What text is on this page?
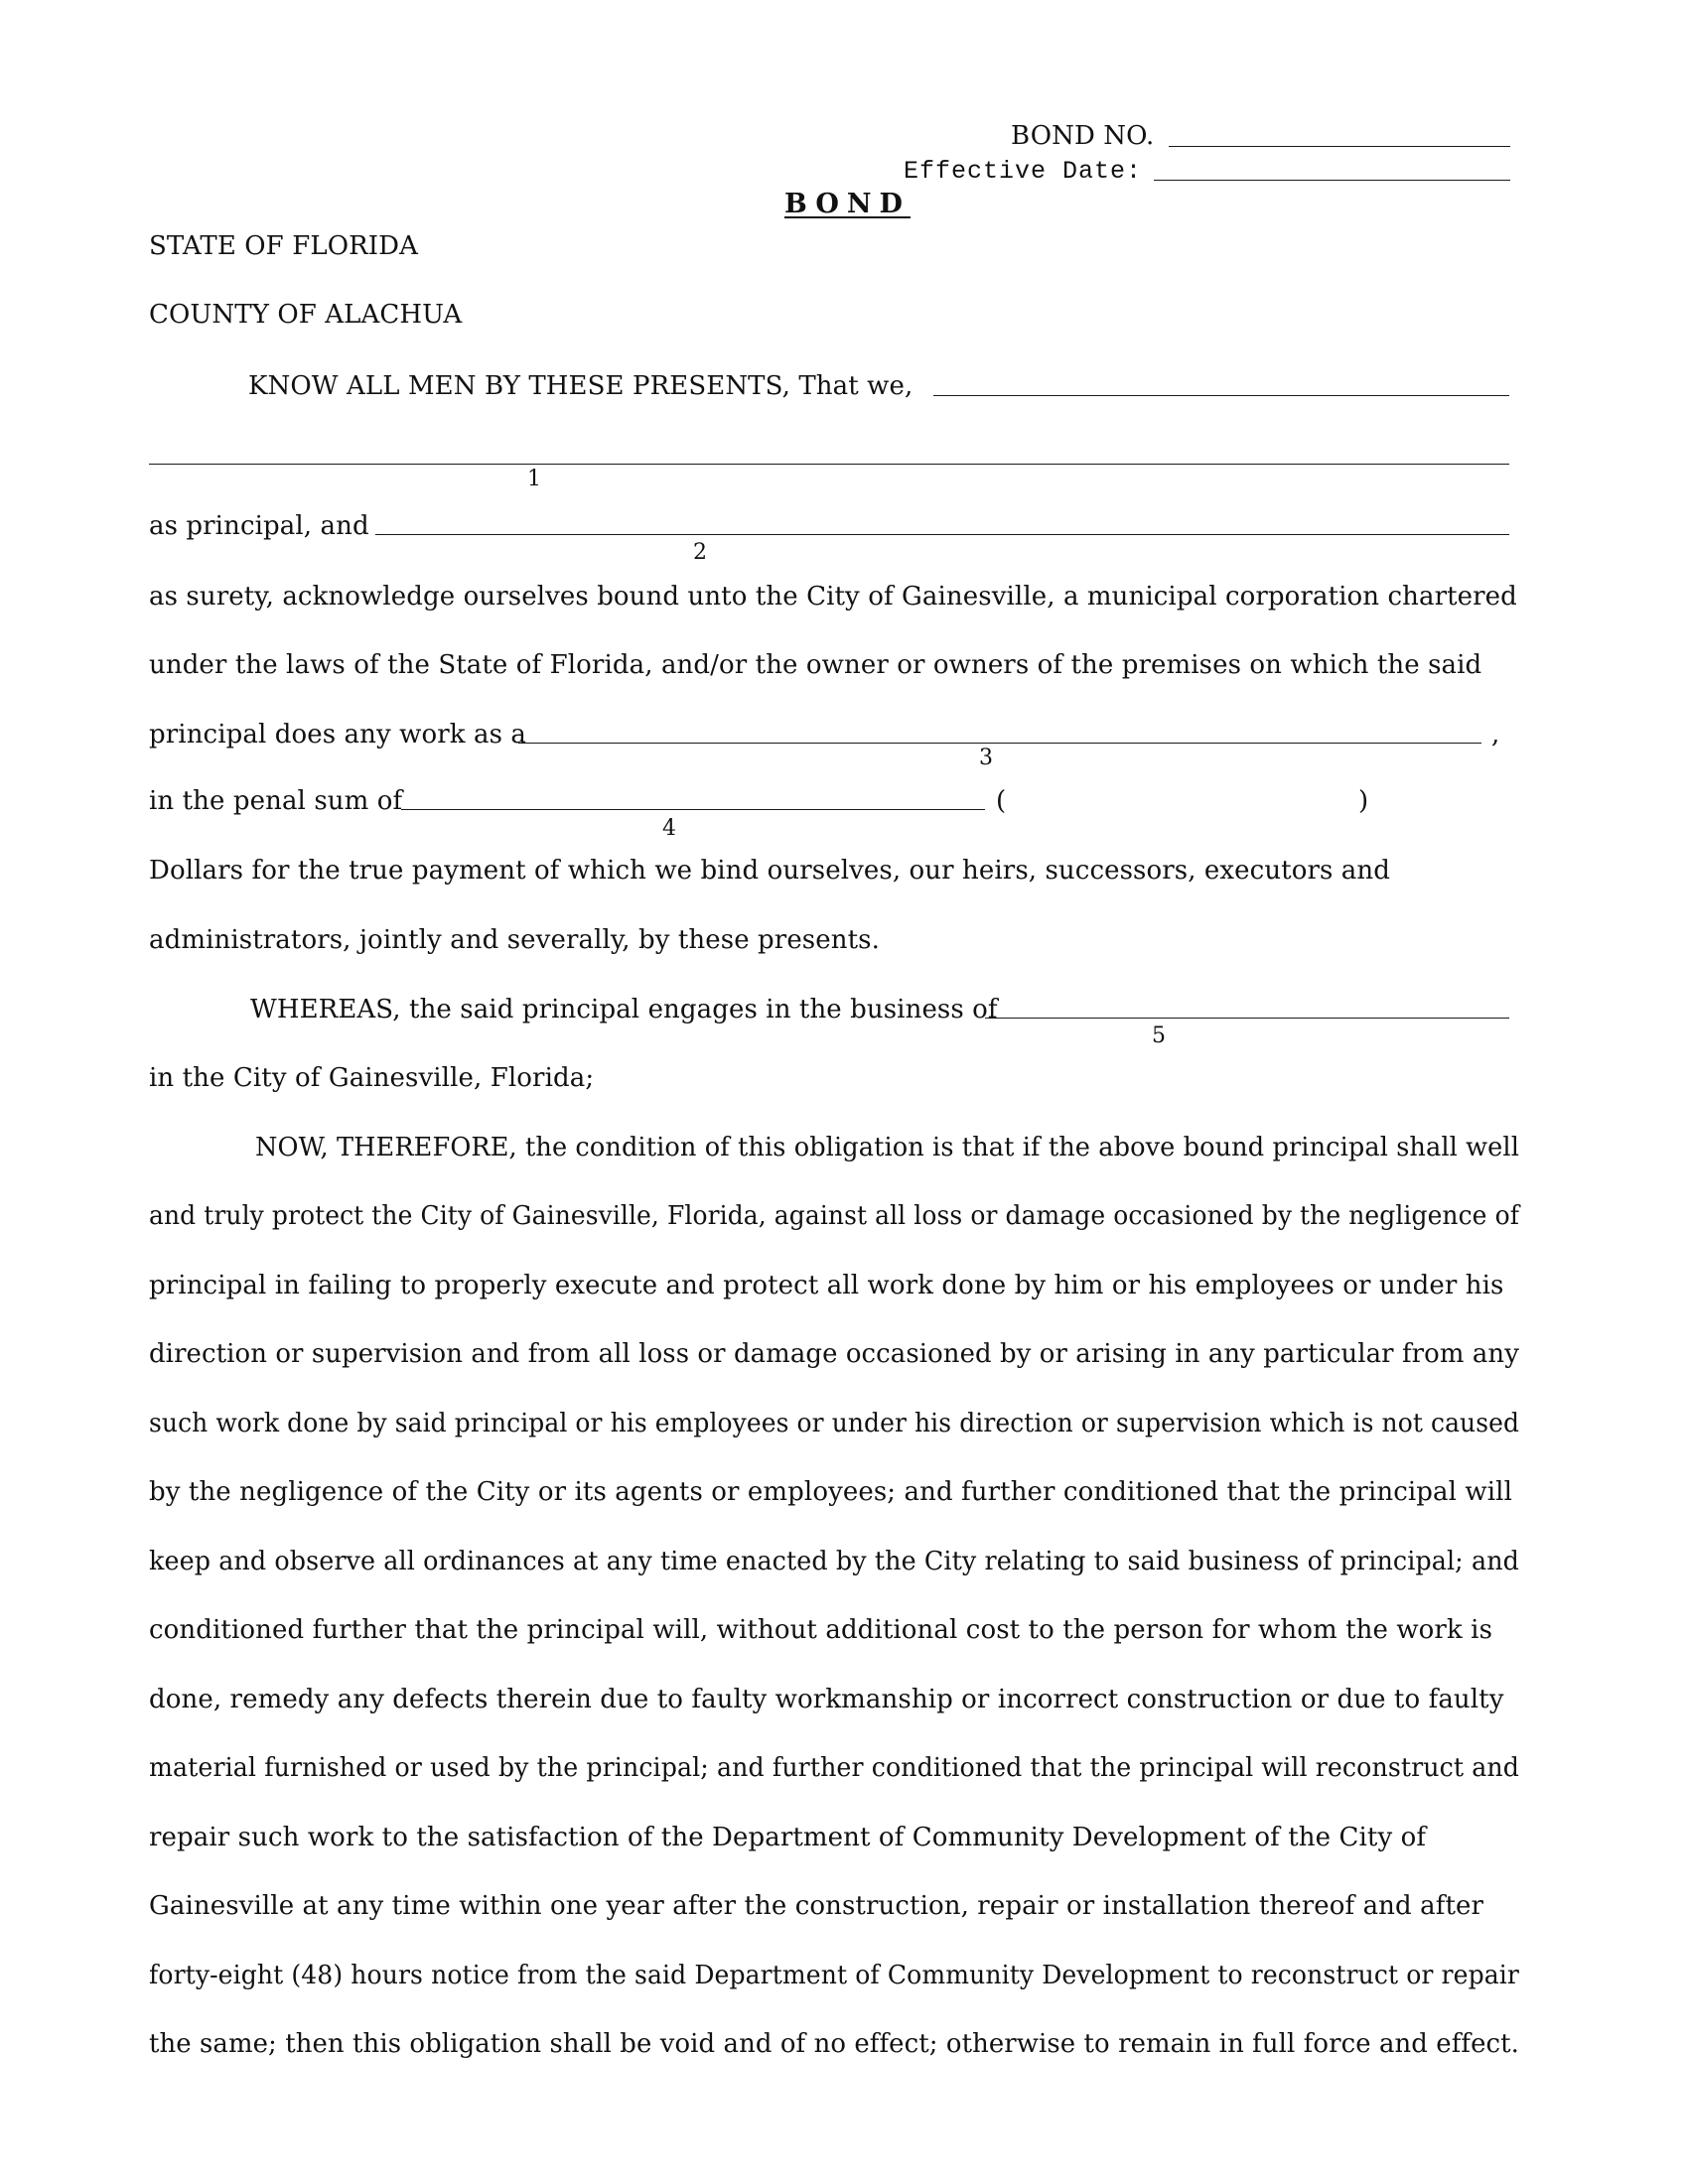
BOND NO.
Effective Date:
BOND
STATE OF FLORIDA
COUNTY OF ALACHUA
KNOW ALL MEN BY THESE PRESENTS, That we,
1
as principal, and
2
as surety, acknowledge ourselves bound unto the City of Gainesville, a municipal corporation chartered
under the laws of the State of Florida, and/or the owner or owners of the premises on which the said
principal does any work as a	,
3
in the penal sum of	(	)
4
Dollars for the true payment of which we bind ourselves, our heirs, successors, executors and
administrators, jointly and severally, by these presents.
WHEREAS, the said principal engages in the business of
5
in the City of Gainesville, Florida;
NOW, THEREFORE, the condition of this obligation is that if the above bound principal shall well
and truly protect the City of Gainesville, Florida, against all loss or damage occasioned by the negligence of
principal in failing to properly execute and protect all work done by him or his employees or under his
direction or supervision and from all loss or damage occasioned by or arising in any particular from any
such work done by said principal or his employees or under his direction or supervision which is not caused
by the negligence of the City or its agents or employees; and further conditioned that the principal will
keep and observe all ordinances at any time enacted by the City relating to said business of principal; and
conditioned further that the principal will, without additional cost to the person for whom the work is
done, remedy any defects therein due to faulty workmanship or incorrect construction or due to faulty
material furnished or used by the principal; and further conditioned that the principal will reconstruct and
repair such work to the satisfaction of the Department of Community Development of the City of
Gainesville at any time within one year after the construction, repair or installation thereof and after
forty-eight (48) hours notice from the said Department of Community Development to reconstruct or repair
the same; then this obligation shall be void and of no effect; otherwise to remain in full force and effect.
